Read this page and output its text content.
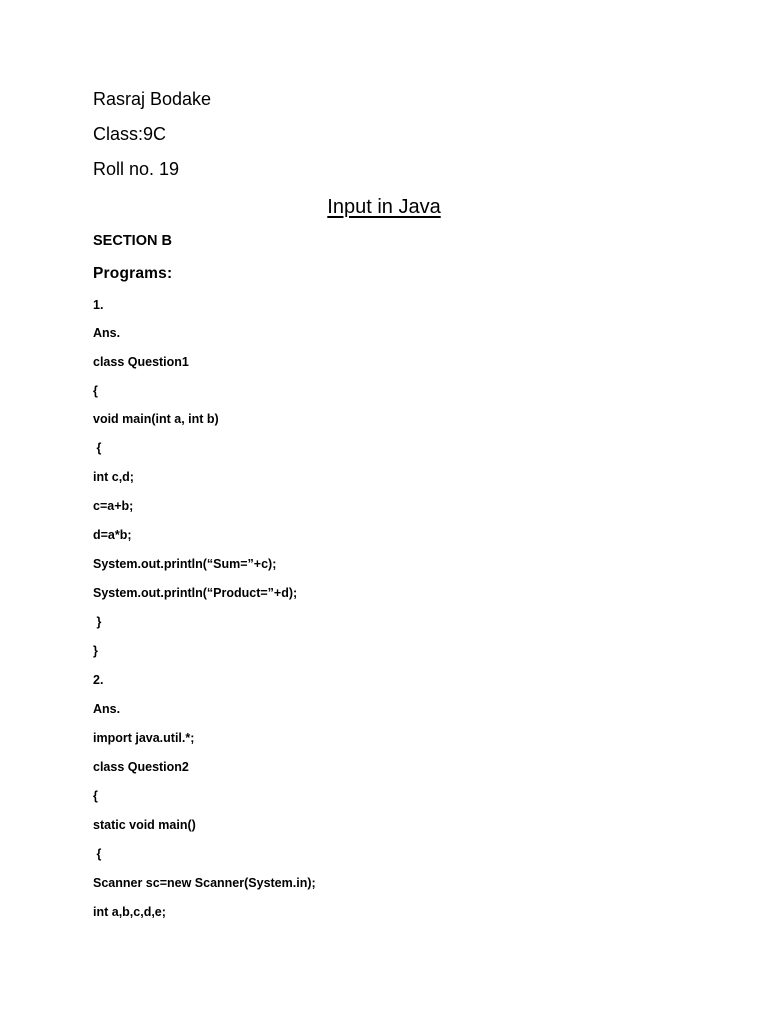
Rasraj Bodake
Class:9C
Roll no. 19
Input in Java
SECTION B
Programs:
1.
Ans.
class Question1
{
void main(int a, int b)
{
int c,d;
c=a+b;
d=a*b;
System.out.println(“Sum=”+c);
System.out.println(“Product=”+d);
}
}
2.
Ans.
import java.util.*;
class Question2
{
static void main()
{
Scanner sc=new Scanner(System.in);
int a,b,c,d,e;
